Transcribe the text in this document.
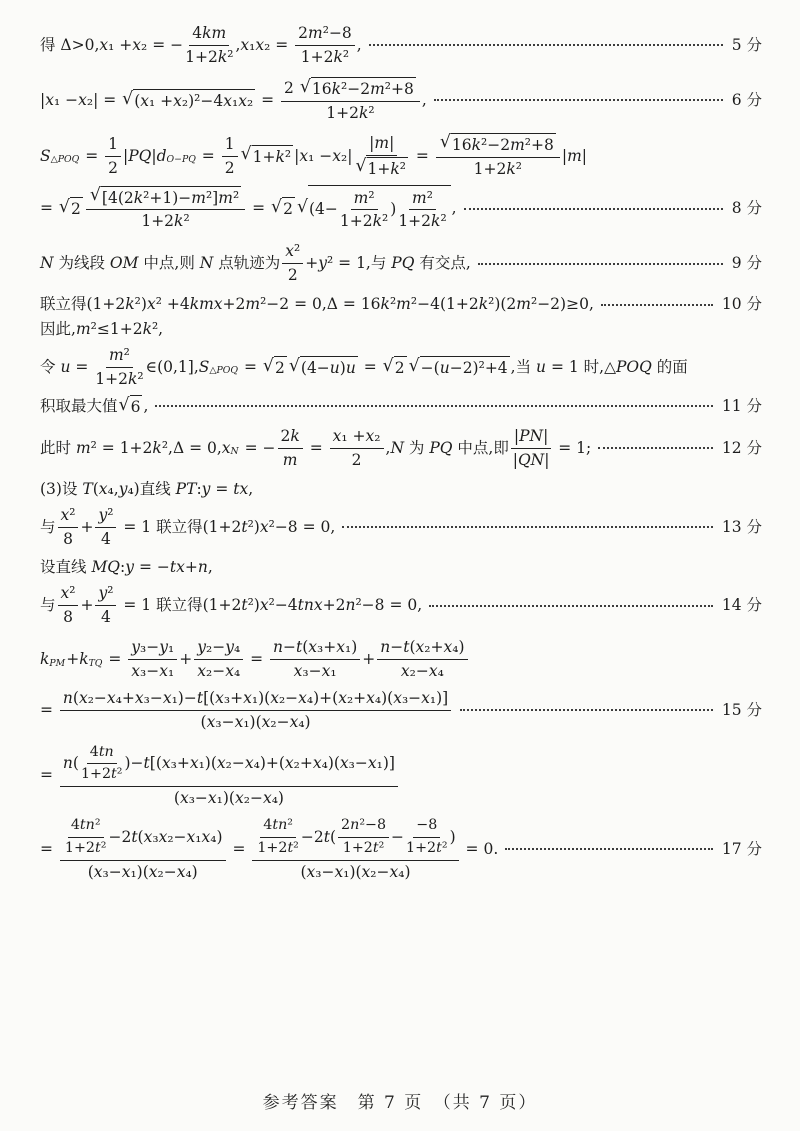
得 Δ>0,x₁ +x₂ = − $\frac{4km}{\text{1+2k²}} ,x_1x_2 = \frac{\text{2m²−8}}{\text{1+2k²}}$ ,	5 分
|x₁ −x₂| = √ $(x_1 +x_2)^2-4x_1x_2 = \frac{\text{2 √ 16k²−2m²+8}}{\text{1+2k²}}$ ,	6 分
S △POQ = $\frac{1}{2} |PQ|d$ $O-PQ = \frac{1}{2}$ √ 1+k² $|x_1 -x_2| \frac{|m|}{\text{√ 1+k²}} = \frac{\text{√ 16k²−2m²+8}}{\text{1+2k²}} |m|$
= √ $2 \frac{\text{√ [4(2k²+1)−m²]m²}}{\text{1+2k²}}$ = √ 2 √ ($4- \frac{\text{m²}}{\text{1+2k²}}$ ) $\frac{\text{m²}}{\text{1+2k²}}$ ,	8 分
N 为线段 OM 中点,则 N 点轨迹为 $\frac{\text{x²}}{2} +y^2 = 1$,与 PQ 有交点,	9 分
联立得(1+2k²)x² +4kmx+2m²−2 = 0,Δ = 16k²m²−4(1+2k²)(2m²−2)≥0,	10 分
因此,m²≤1+2k²,
令 $u = \frac{\text{m²}}{\text{1+2k²}}$ ∈(0,1],S △POQ = √ 2 √ (4−u)u = √ 2 √ −(u−2)²+4 ,当 u = 1 时,△POQ 的面
积取最大值 √ 6 ,	11 分
此时 m² = 1+2k²,Δ = 0,x N = − $\frac{2k}{m} = \frac{\text{x₁ +x₂}}{2} ,N$ 为 PQ 中点,即 $\frac{|PN|}{|QN|} = 1$;	12 分
(3)设 T(x₄,y₄)直线 PT:y = tx,
与 $\frac{\text{x²}}{8} + \frac{\text{y²}}{4} = 1$ 联立得(1+2t²)x²−8 = 0,	13 分
设直线 MQ:y = −tx+n,
与 $\frac{\text{x²}}{8} + \frac{\text{y²}}{4} = 1$ 联立得(1+2t²)x²−4tnx+2n²−8 = 0,	14 分
k PM +k TQ = $\frac{\text{y₃−y₁}}{\text{x₃−x₁}} + \frac{\text{y₂−y₄}}{\text{x₂−x₄}} = \frac{\text{n−t(x₃+x₁)}}{\text{x₃−x₁}} + \frac{\text{n−t(x₂+x₄)}}{\text{x₂−x₄}}$
= $\frac{\text{n(x₂−x₄+x₃−x₁)−t[(x₃+x₁)(x₂−x₄)+(x₂+x₄)(x₃−x₁)]}}{\text{(x₃−x₁)(x₂−x₄)}}$	15 分
= $\frac{n( \frac{4tn}{\text{1+2t²}} )-t[(x_3+x_1)(x_2-x_4)+(x_2+x_4)(x_3-x_1)]}{\text{(x₃−x₁)(x₂−x₄)}}$
= $\frac{\frac{\text{4tn²}}{\text{1+2t²}} -2t(x_3x_2-x_1x_4)}{\text{(x₃−x₁)(x₂−x₄)}} = \frac{\frac{\text{4tn²}}{\text{1+2t²}} -2t( \frac{\text{2n²−8}}{\text{1+2t²}} - \frac{-8}{\text{1+2t²}} )}{\text{(x₃−x₁)(x₂−x₄)}} = 0$.	17 分
参考答案　第 7 页　（共 7 页）
